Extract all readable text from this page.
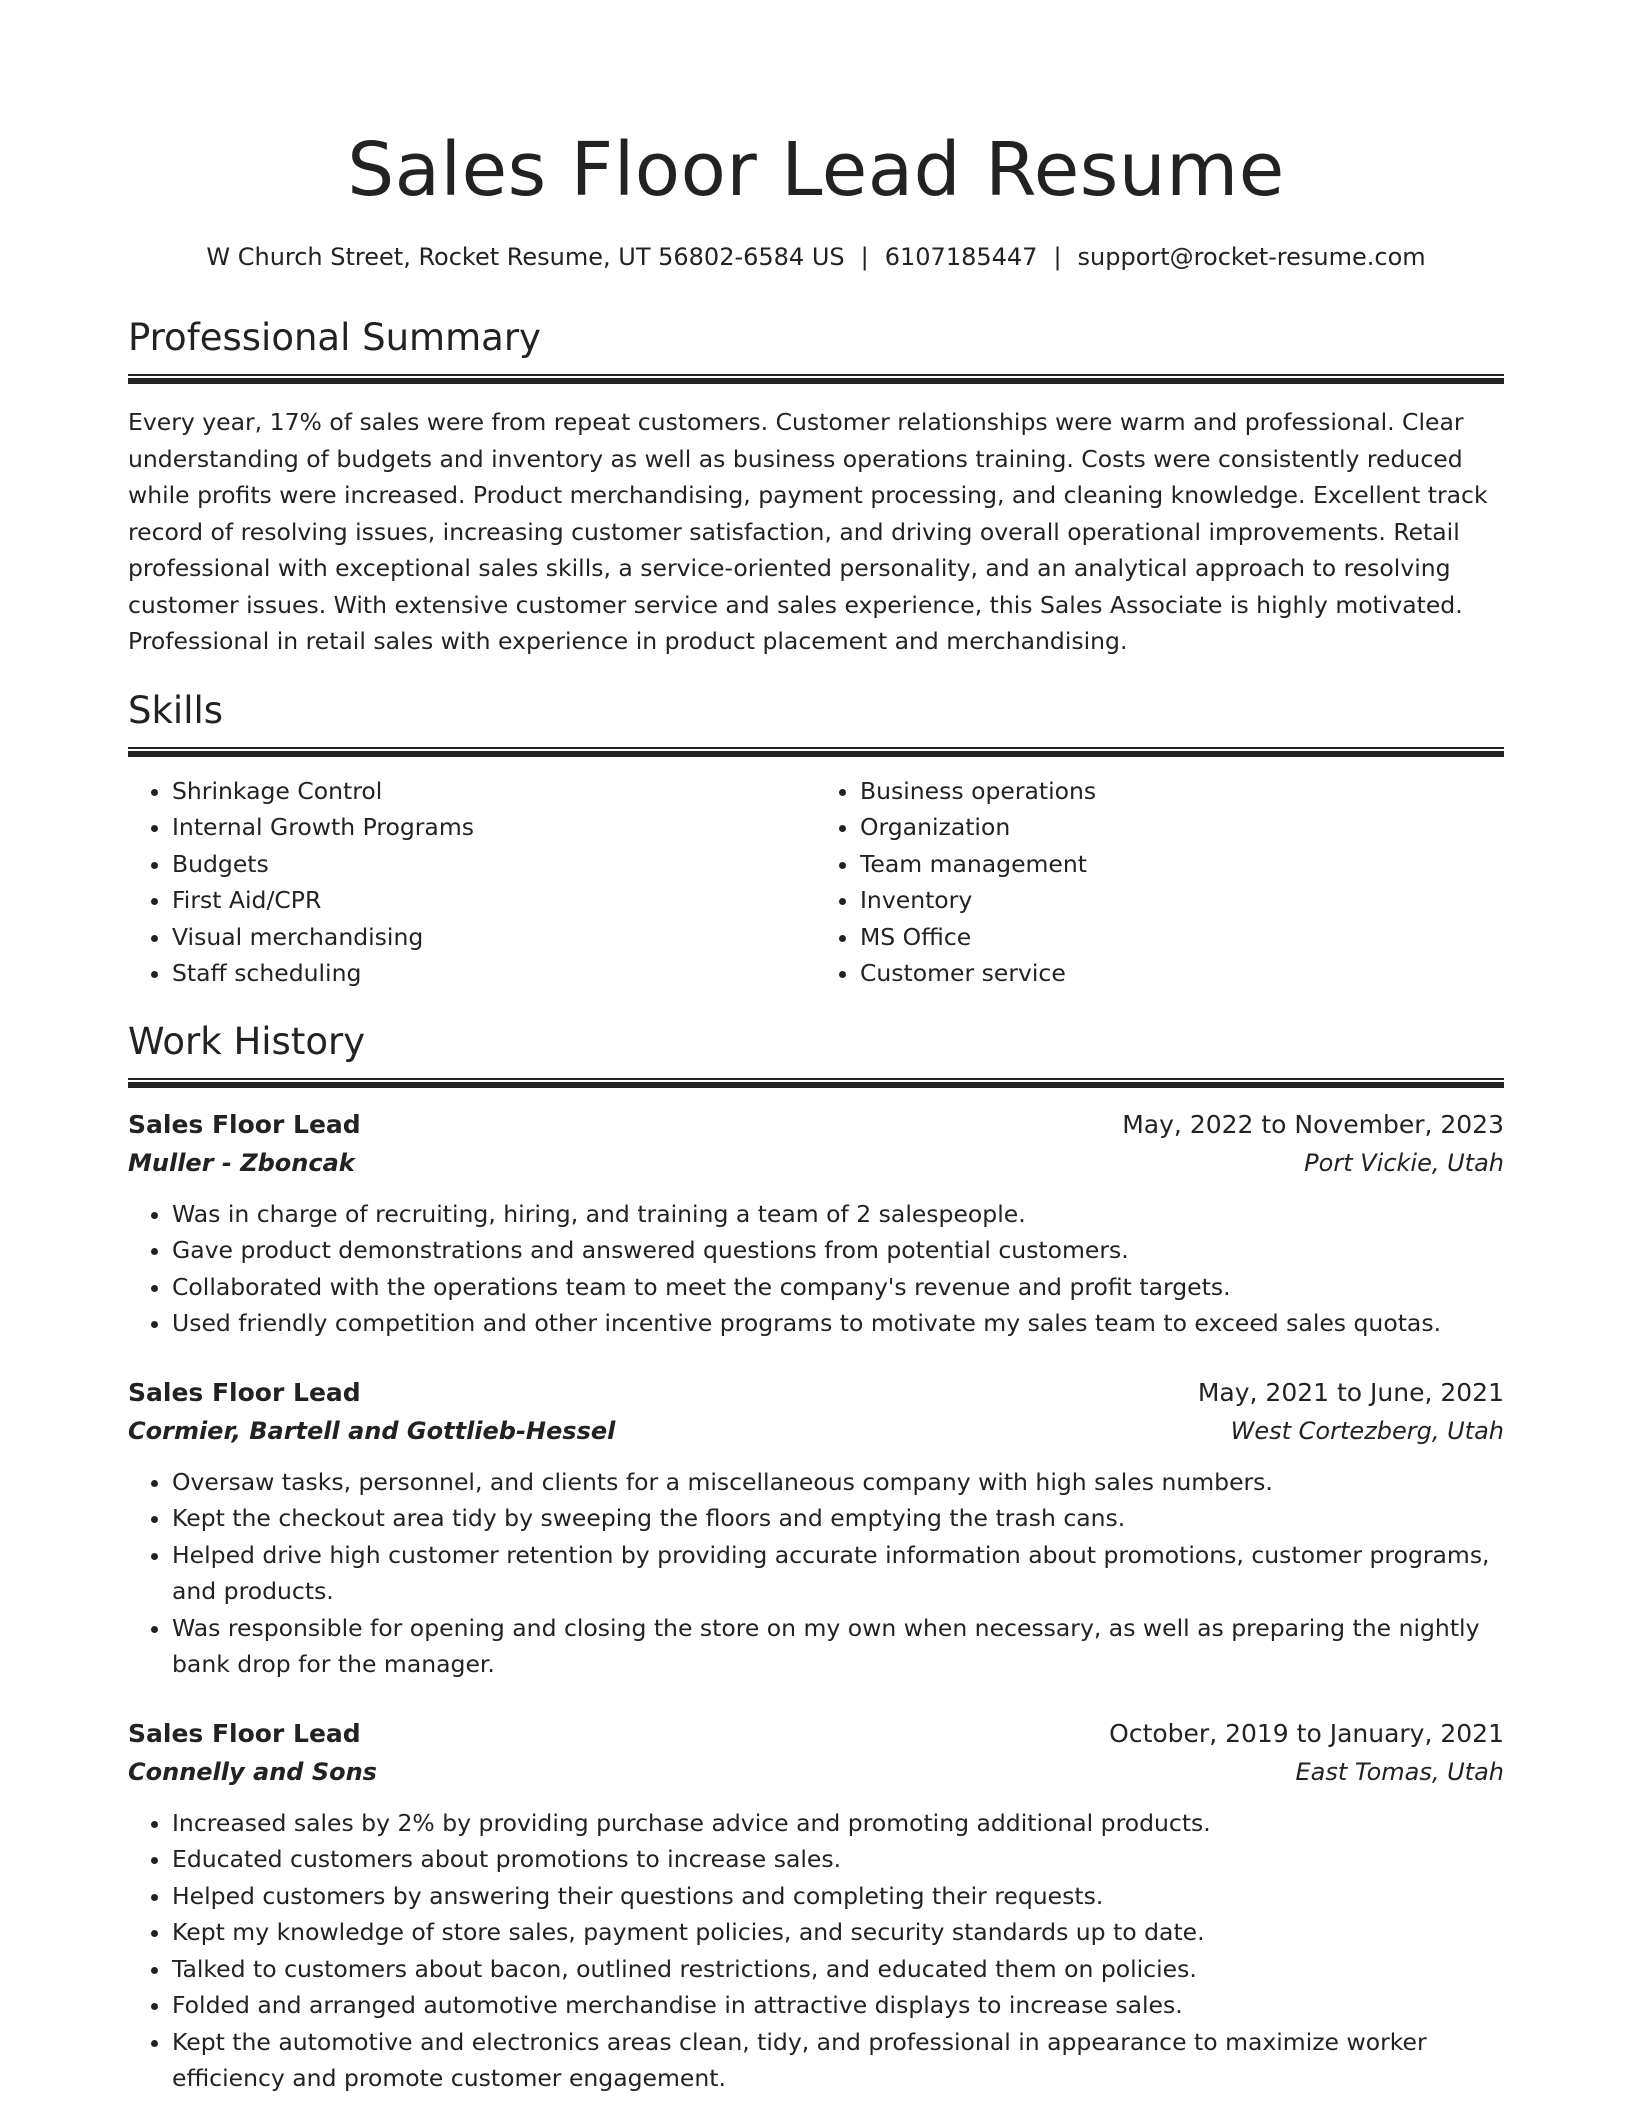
Sales Floor Lead Resume
W Church Street, Rocket Resume, UT 56802-6584 US | 6107185447 | support@rocket-resume.com
Professional Summary

Every year, 17% of sales were from repeat customers. Customer relationships were warm and professional. Clear understanding of budgets and inventory as well as business operations training. Costs were consistently reduced while profits were increased. Product merchandising, payment processing, and cleaning knowledge. Excellent track record of resolving issues, increasing customer satisfaction, and driving overall operational improvements. Retail professional with exceptional sales skills, a service-oriented personality, and an analytical approach to resolving customer issues. With extensive customer service and sales experience, this Sales Associate is highly motivated. Professional in retail sales with experience in product placement and merchandising.

Skills
• Shrinkage Control
• Internal Growth Programs
• Budgets
• First Aid/CPR
• Visual merchandising
• Staff scheduling
• Business operations
• Organization
• Team management
• Inventory
• MS Office
• Customer service
Work History
Sales Floor Lead	May, 2022 to November, 2023
Muller - Zboncak	Port Vickie, Utah
• Was in charge of recruiting, hiring, and training a team of 2 salespeople.
• Gave product demonstrations and answered questions from potential customers.
• Collaborated with the operations team to meet the company's revenue and profit targets.
• Used friendly competition and other incentive programs to motivate my sales team to exceed sales quotas.
Sales Floor Lead	May, 2021 to June, 2021
Cormier, Bartell and Gottlieb-Hessel	West Cortezberg, Utah
• Oversaw tasks, personnel, and clients for a miscellaneous company with high sales numbers.
• Kept the checkout area tidy by sweeping the floors and emptying the trash cans.
• Helped drive high customer retention by providing accurate information about promotions, customer programs, and products.
• Was responsible for opening and closing the store on my own when necessary, as well as preparing the nightly bank drop for the manager.
Sales Floor Lead	October, 2019 to January, 2021
Connelly and Sons	East Tomas, Utah
• Increased sales by 2% by providing purchase advice and promoting additional products.
• Educated customers about promotions to increase sales.
• Helped customers by answering their questions and completing their requests.
• Kept my knowledge of store sales, payment policies, and security standards up to date.
• Talked to customers about bacon, outlined restrictions, and educated them on policies.
• Folded and arranged automotive merchandise in attractive displays to increase sales.
• Kept the automotive and electronics areas clean, tidy, and professional in appearance to maximize worker efficiency and promote customer engagement.
